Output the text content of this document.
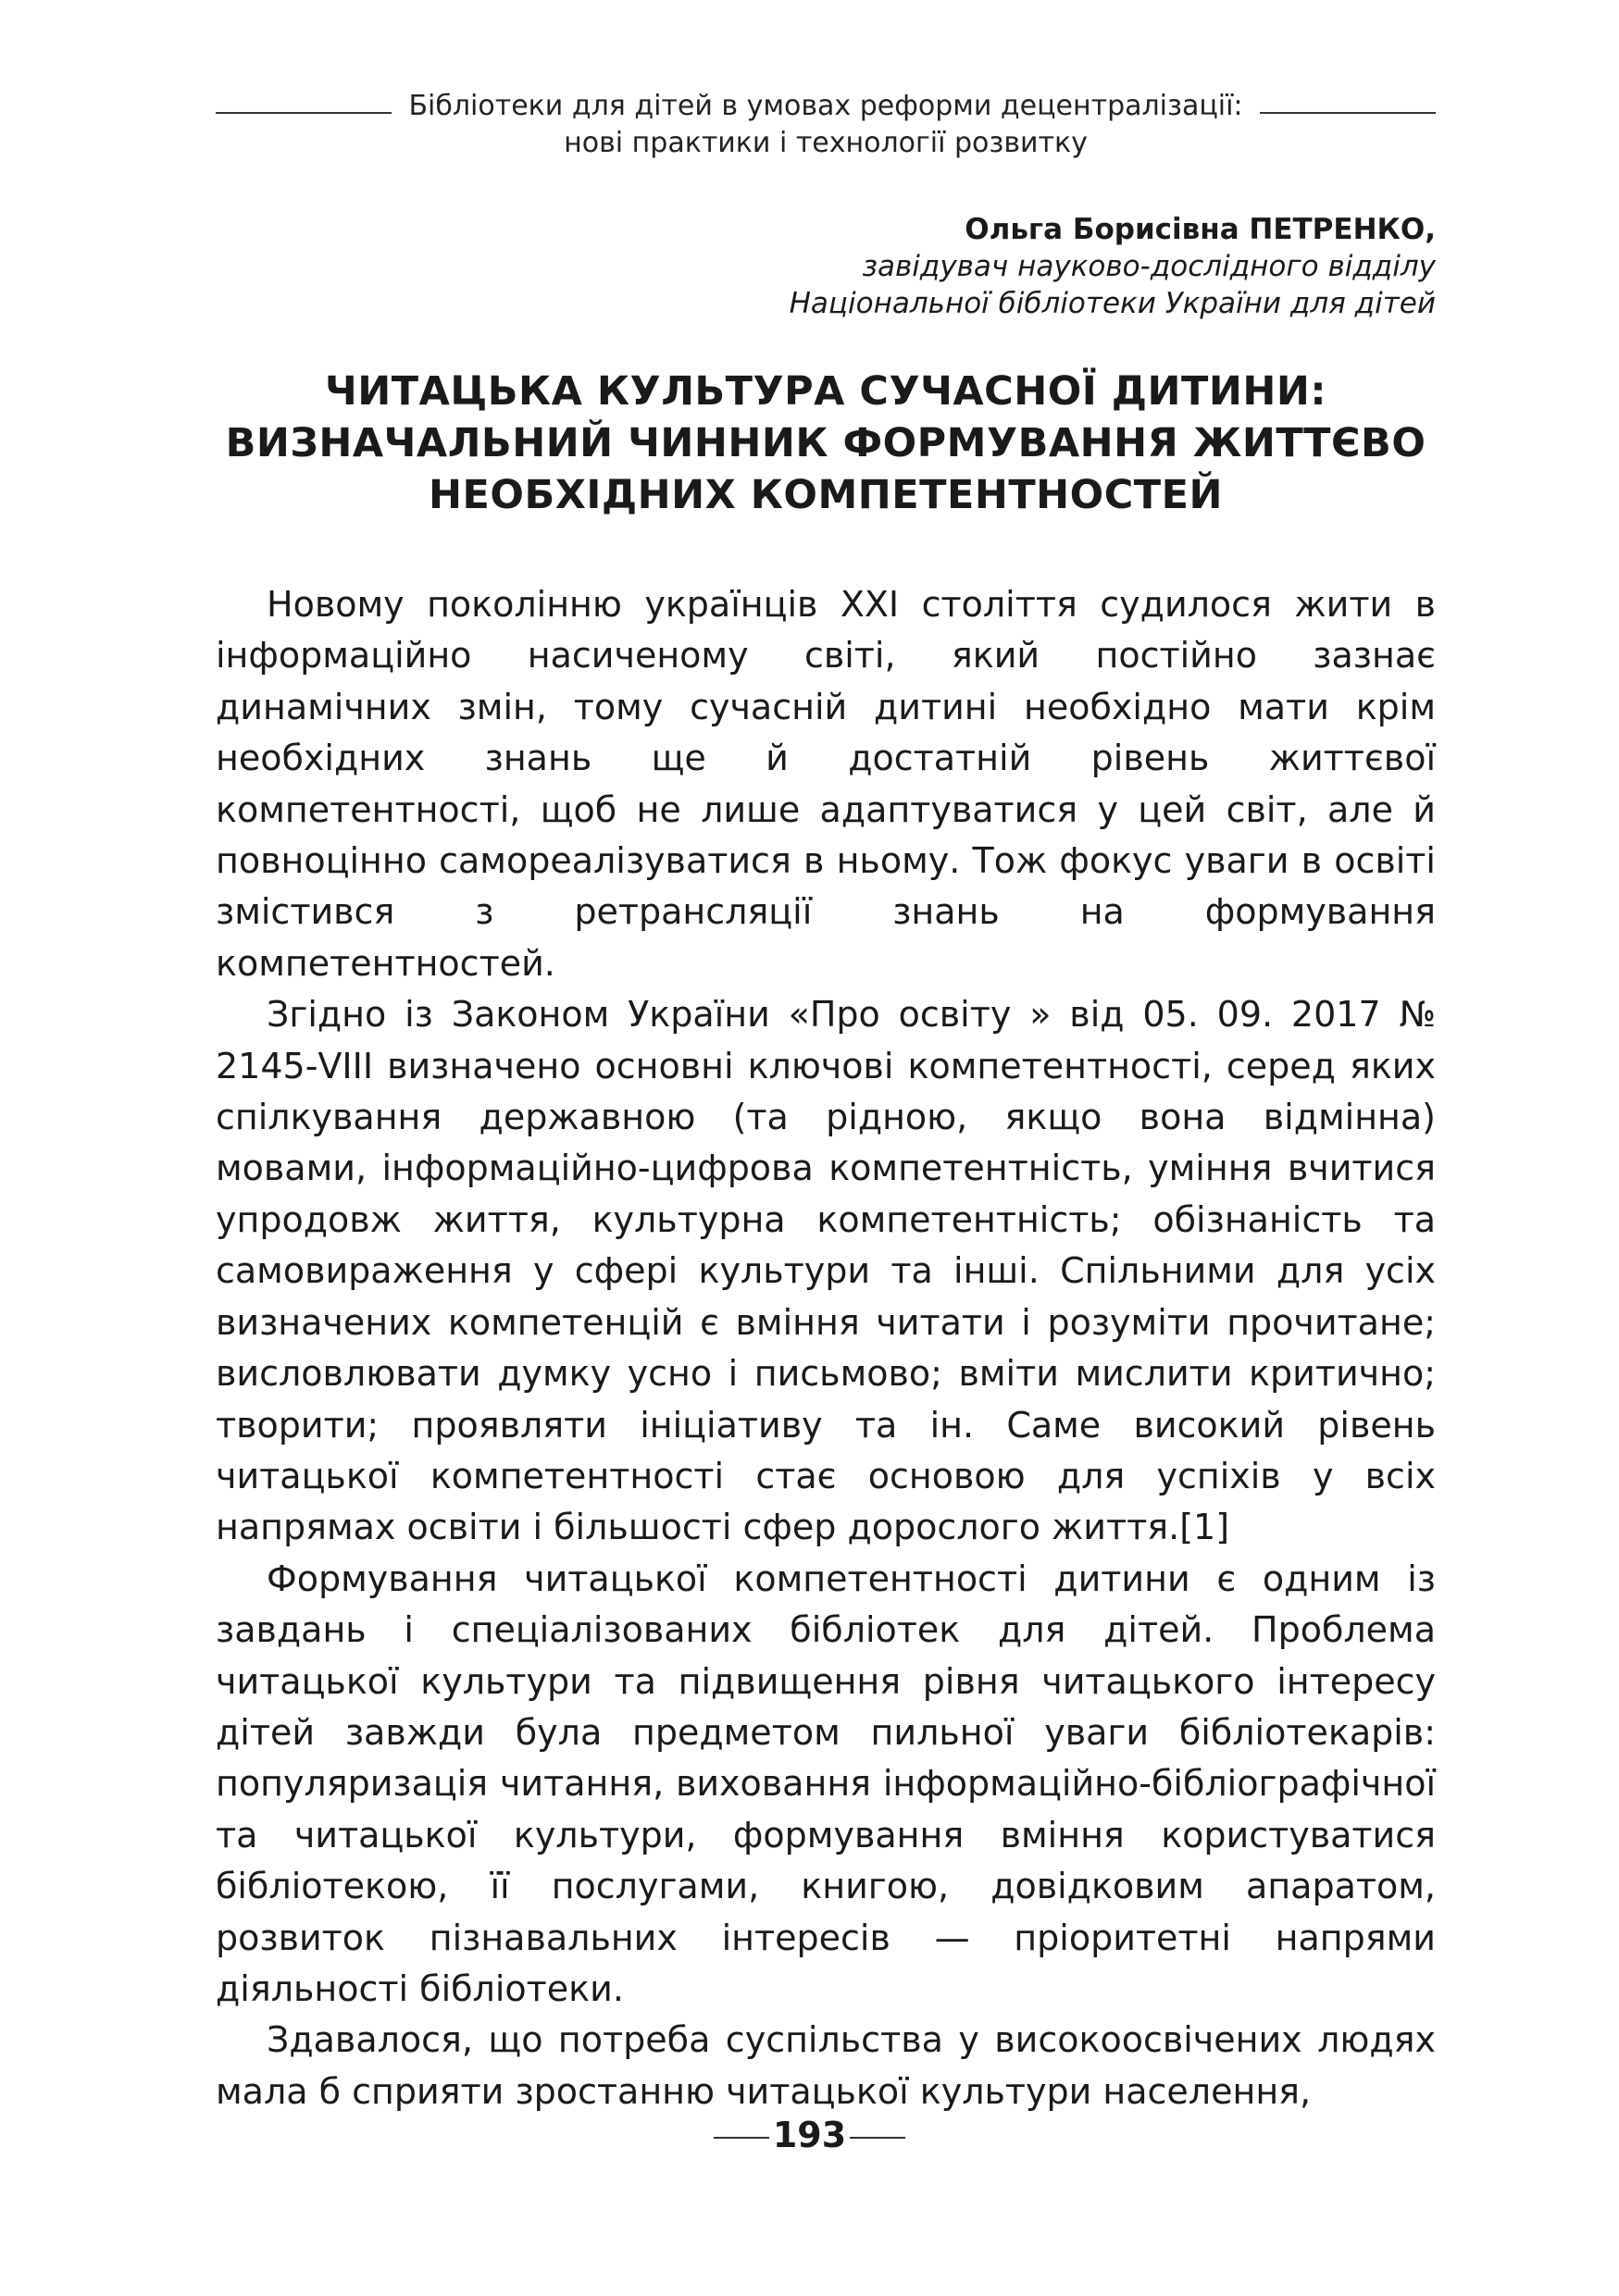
Бібліотеки для дітей в умовах реформи децентралізації:
нові практики і технології розвитку
Ольга Борисівна ПЕТРЕНКО,
завідувач науково-дослідного відділу
Національної бібліотеки України для дітей
ЧИТАЦЬКА КУЛЬТУРА СУЧАСНОЇ ДИТИНИ:
ВИЗНАЧАЛЬНИЙ ЧИННИК ФОРМУВАННЯ ЖИТТЄВО
НЕОБХІДНИХ КОМПЕТЕНТНОСТЕЙ

Новому поколінню українців XXI століття судилося жити в інформаційно насиченому світі, який постійно зазнає динамічних змін, тому сучасній дитині необхідно мати крім необхідних знань ще й достатній рівень життєвої компетентності, щоб не лише адаптуватися у цей світ, але й повноцінно самореалізуватися в ньому. Тож фокус уваги в освіті змістився з ретрансляції знань на формування компетентностей.

Згідно із Законом України «Про освіту » від 05. 09. 2017 № 2145-VIII визначено основні ключові компетентності, серед яких спілкування державною (та рідною, якщо вона відмінна) мовами, інформаційно-цифрова компетентність, уміння вчитися упродовж життя, культурна компетентність; обізнаність та самовираження у сфері культури та інші. Спільними для усіх визначених компетенцій є вміння читати і розуміти прочитане; висловлювати думку усно і письмово; вміти мислити критично; творити; проявляти ініціативу та ін. Саме високий рівень читацької компетентності стає основою для успіхів у всіх напрямах освіти і більшості сфер дорослого життя.[1]

Формування читацької компетентності дитини є одним із завдань і спеціалізованих бібліотек для дітей. Проблема читацької культури та підвищення рівня читацького інтересу дітей завжди була предметом пильної уваги бібліотекарів: популяризація читання, виховання інформаційно-бібліографічної та читацької культури, формування вміння користуватися бібліотекою, її послугами, книгою, довідковим апаратом, розвиток пізнавальних інтересів — пріоритетні напрями діяльності бібліотеки.

Здавалося, що потреба суспільства у високоосвічених людях мала б сприяти зростанню читацької культури населення,

193
